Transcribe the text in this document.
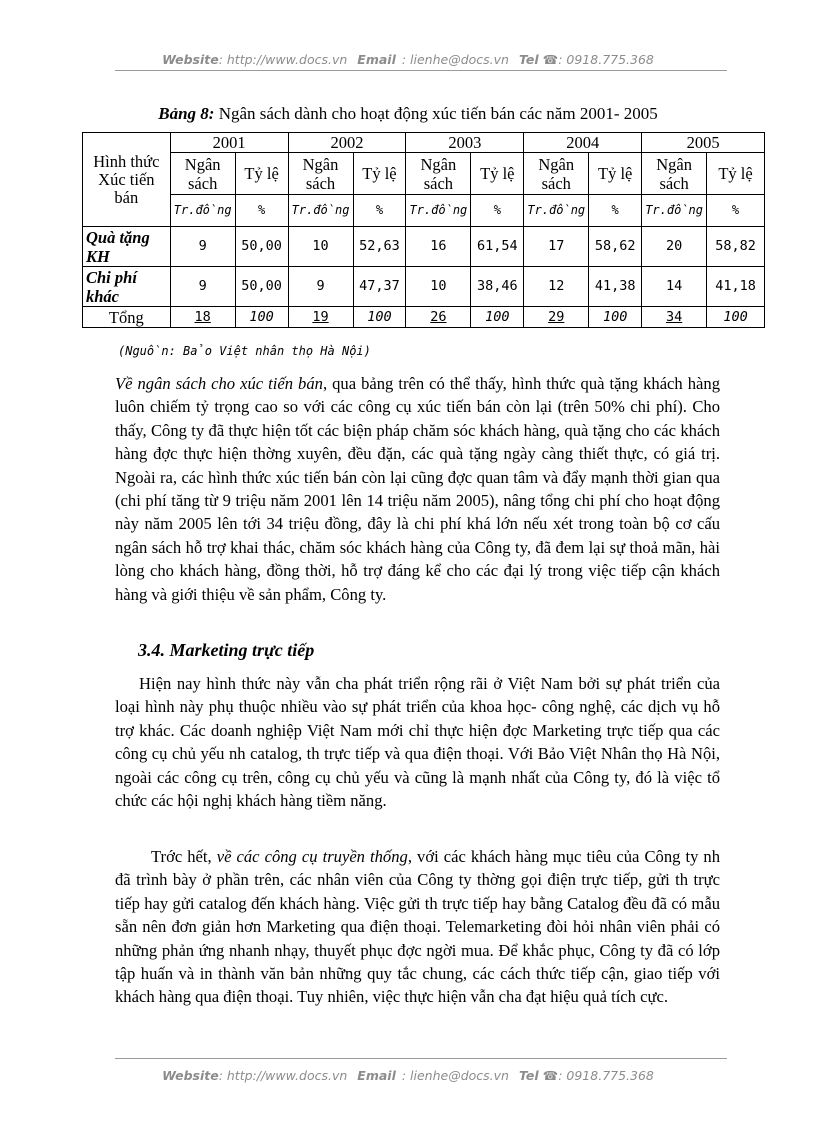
Website: http://www.docs.vn Email : lienhe@docs.vn Tel ☎: 0918.775.368
Bảng 8: Ngân sách dành cho hoạt động xúc tiến bán các năm 2001- 2005
Hình thức Xúc tiến bán	2001		2002		2003		2004		2005	
	Ngân sách	Tỷ lệ	Ngân sách	Tỷ lệ	Ngân sách	Tỷ lệ	Ngân sách	Tỷ lệ	Ngân sách	Tỷ lệ
	Tr.đồng	%	Tr.đồng	%	Tr.đồng	%	Tr.đồng	%	Tr.đồng	%
Quà tặng KH	9	50,00	10	52,63	16	61,54	17	58,62	20	58,82
Chi phí khác	9	50,00	9	47,37	10	38,46	12	41,38	14	41,18
Tổng	18	100	19	100	26	100	29	100	34	100
(Nguồn: Bảo Việt nhân thọ Hà Nội)

Về ngân sách cho xúc tiến bán, qua bảng trên có thể thấy, hình thức quà tặng khách hàng luôn chiếm tỷ trọng cao so với các công cụ xúc tiến bán còn lại (trên 50% chi phí). Cho thấy, Công ty đã thực hiện tốt các biện pháp chăm sóc khách hàng, quà tặng cho các khách hàng đợc thực hiện thờng xuyên, đều đặn, các quà tặng ngày càng thiết thực, có giá trị. Ngoài ra, các hình thức xúc tiến bán còn lại cũng đợc quan tâm và đẩy mạnh thời gian qua (chi phí tăng từ 9 triệu năm 2001 lên 14 triệu năm 2005), nâng tổng chi phí cho hoạt động này năm 2005 lên tới 34 triệu đồng, đây là chi phí khá lớn nếu xét trong toàn bộ cơ cấu ngân sách hỗ trợ khai thác, chăm sóc khách hàng của Công ty, đã đem lại sự thoả mãn, hài lòng cho khách hàng, đồng thời, hỗ trợ đáng kể cho các đại lý trong việc tiếp cận khách hàng và giới thiệu về sản phẩm, Công ty.

3.4. Marketing trực tiếp

Hiện nay hình thức này vẫn cha phát triển rộng rãi ở Việt Nam bởi sự phát triển của loại hình này phụ thuộc nhiều vào sự phát triển của khoa học- công nghệ, các dịch vụ hỗ trợ khác. Các doanh nghiệp Việt Nam mới chỉ thực hiện đợc Marketing trực tiếp qua các công cụ chủ yếu nh catalog, th trực tiếp và qua điện thoại. Với Bảo Việt Nhân thọ Hà Nội, ngoài các công cụ trên, công cụ chủ yếu và cũng là mạnh nhất của Công ty, đó là việc tổ chức các hội nghị khách hàng tiềm năng.

Trớc hết, về các công cụ truyền thống, với các khách hàng mục tiêu của Công ty nh đã trình bày ở phần trên, các nhân viên của Công ty thờng gọi điện trực tiếp, gửi th trực tiếp hay gửi catalog đến khách hàng. Việc gửi th trực tiếp hay bằng Catalog đều đã có mẫu sẵn nên đơn giản hơn Marketing qua điện thoại. Telemarketing đòi hỏi nhân viên phải có những phản ứng nhanh nhạy, thuyết phục đợc ngời mua. Để khắc phục, Công ty đã có lớp tập huấn và in thành văn bản những quy tắc chung, các cách thức tiếp cận, giao tiếp với khách hàng qua điện thoại. Tuy nhiên, việc thực hiện vẫn cha đạt hiệu quả tích cực.

Website: http://www.docs.vn Email : lienhe@docs.vn Tel ☎: 0918.775.368
